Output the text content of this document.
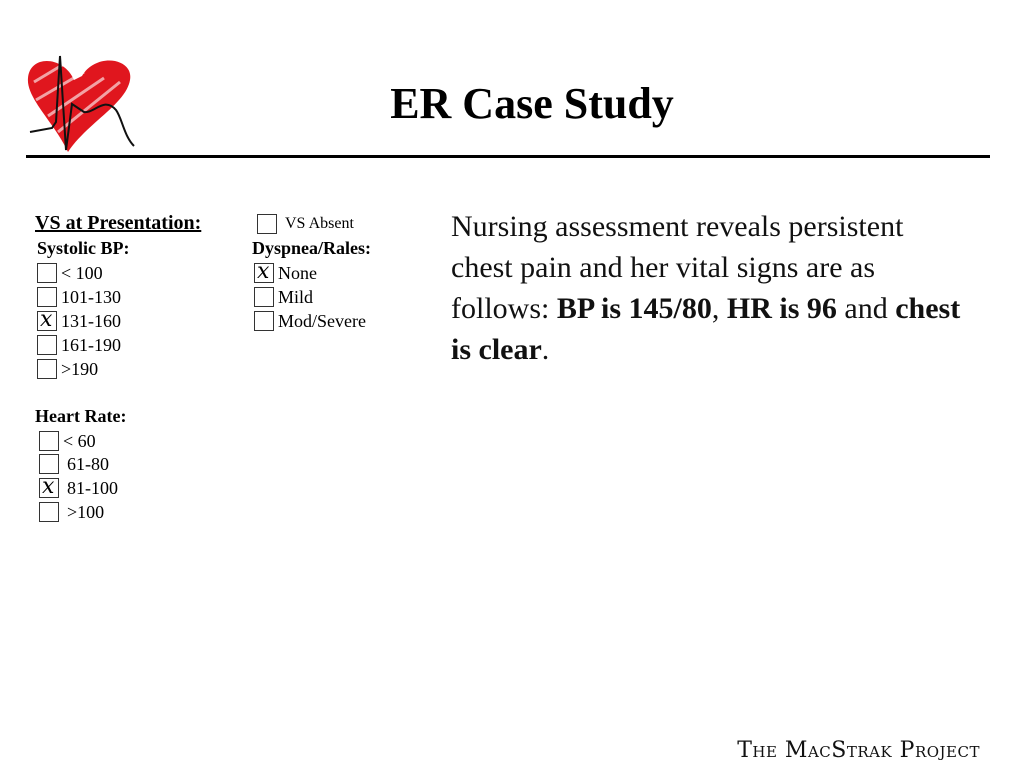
ER Case Study
VS at Presentation:	VS Absent
Systolic BP:
< 100
101-130
x 131-160
161-190
>190
Dyspnea/Rales:
x None
Mild
Mod/Severe
Heart Rate:
< 60
61-80
x 81-100
>100
Nursing assessment reveals persistent chest pain and her vital signs are as follows: BP is 145/80, HR is 96 and chest is clear.
The MacStrak Project
